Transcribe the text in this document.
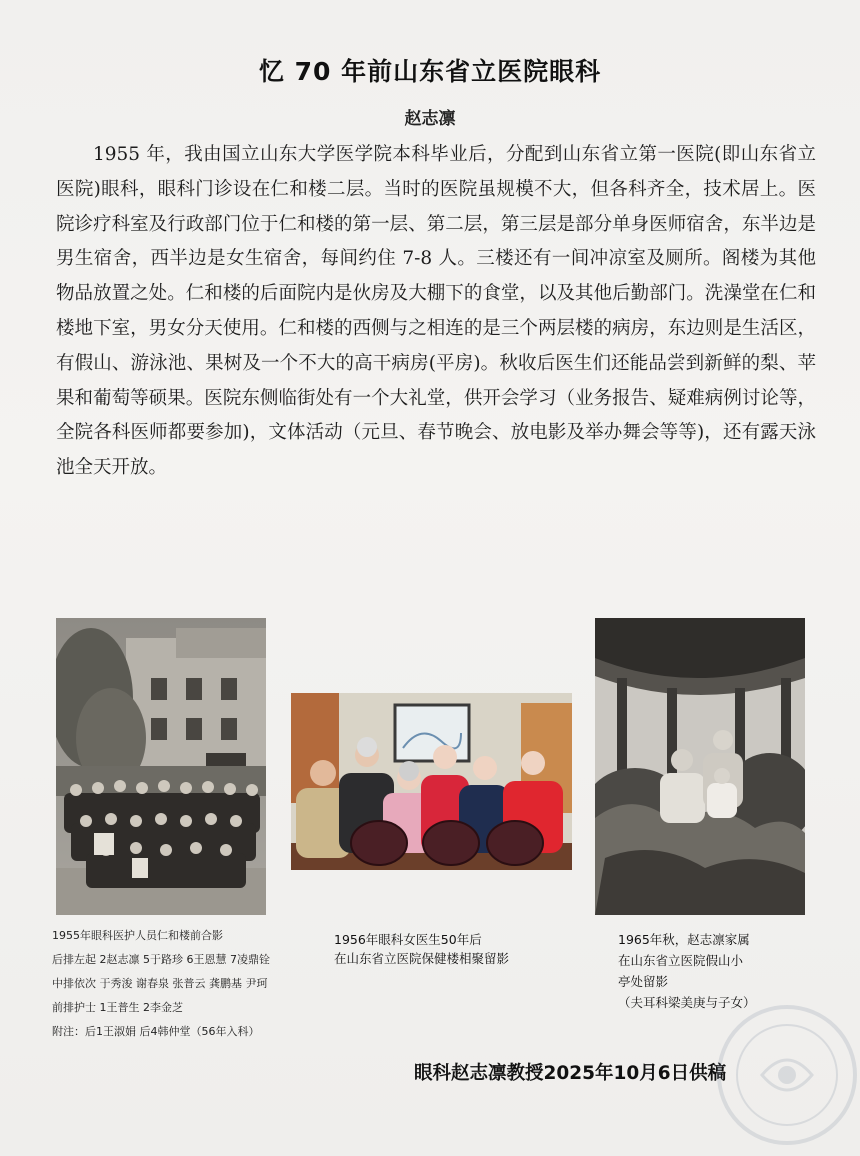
忆 70 年前山东省立医院眼科
赵志凛
1955 年，我由国立山东大学医学院本科毕业后，分配到山东省立第一医院(即山东省立医院)眼科，眼科门诊设在仁和楼二层。当时的医院虽规模不大，但各科齐全，技术居上。医院诊疗科室及行政部门位于仁和楼的第一层、第二层，第三层是部分单身医师宿舍，东半边是男生宿舍，西半边是女生宿舍，每间约住 7-8 人。三楼还有一间冲凉室及厕所。阁楼为其他物品放置之处。仁和楼的后面院内是伙房及大棚下的食堂，以及其他后勤部门。洗澡堂在仁和楼地下室，男女分天使用。仁和楼的西侧与之相连的是三个两层楼的病房，东边则是生活区，有假山、游泳池、果树及一个不大的高干病房(平房)。秋收后医生们还能品尝到新鲜的梨、苹果和葡萄等硕果。医院东侧临街处有一个大礼堂，供开会学习（业务报告、疑难病例讨论等，全院各科医师都要参加)，文体活动（元旦、春节晚会、放电影及举办舞会等等)，还有露天泳池全天开放。
1955年眼科医护人员仁和楼前合影
后排左起 2赵志凛 5于路珍 6王恩慧 7凌鼎铨
中排依次 于秀浚 谢春泉 张普云 龚鹏基 尹珂
前排护士 1王普生 2李金芝
附注：后1王淑娟 后4韩仲堂（56年入科）
1956年眼科女医生50年后
在山东省立医院保健楼相聚留影
1965年秋，赵志凛家属
在山东省立医院假山小
亭处留影
（夫耳科梁美庚与子女）
眼科赵志凛教授2025年10月6日供稿
